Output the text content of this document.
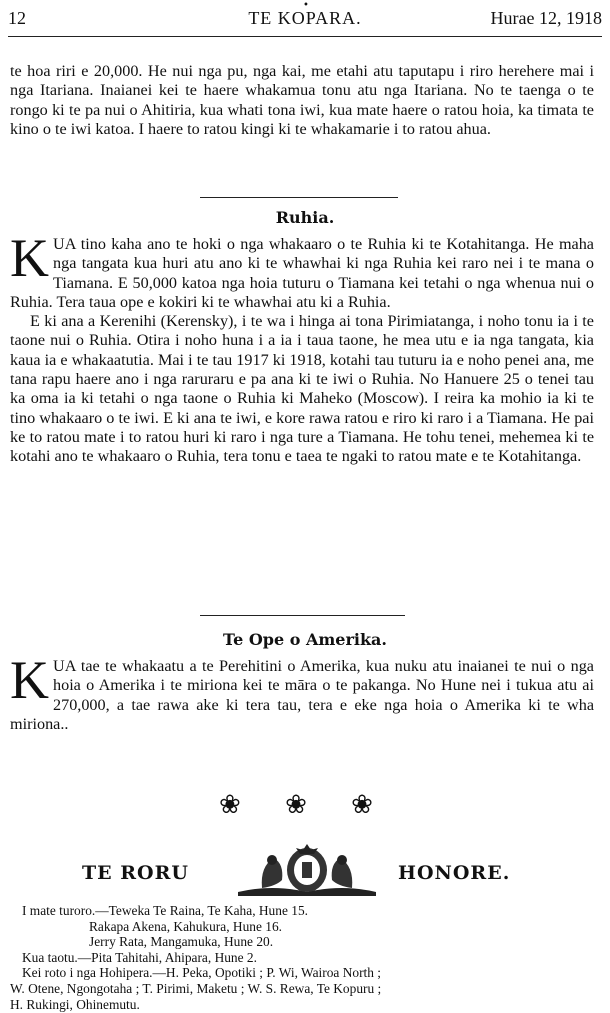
•
12	TE KOPARA.	Hurae 12, 1918

te hoa riri e 20,000. He nui nga pu, nga kai, me etahi atu taputapu i riro herehere mai i nga Itariana. Inaianei kei te haere whakamua tonu atu nga Itariana. No te taenga o te rongo ki te pa nui o Ahitiria, kua whati tona iwi, kua mate haere o ratou hoia, ka timata te kino o te iwi katoa. I haere to ratou kingi ki te whakamarie i to ratou ahua.

Ruhia.

KUA tino kaha ano te hoki o nga whakaaro o te Ruhia ki te Kotahitanga. He maha nga tangata kua huri atu ano ki te whawhai ki nga Ruhia kei raro nei i te mana o Tiamana. E 50,000 katoa nga hoia tuturu o Tiamana kei tetahi o nga whenua nui o Ruhia. Tera taua ope e kokiri ki te whawhai atu ki a Ruhia.

E ki ana a Kerenihi (Kerensky), i te wa i hinga ai tona Pirimiatanga, i noho tonu ia i te taone nui o Ruhia. Otira i noho huna i a ia i taua taone, he mea utu e ia nga tangata, kia kaua ia e whakaatutia. Mai i te tau 1917 ki 1918, kotahi tau tuturu ia e noho penei ana, me tana rapu haere ano i nga raruraru e pa ana ki te iwi o Ruhia. No Hanuere 25 o tenei tau ka oma ia ki tetahi o nga taone o Ruhia ki Maheko (Moscow). I reira ka mohio ia ki te tino whakaaro o te iwi. E ki ana te iwi, e kore rawa ratou e riro ki raro i a Tiamana. He pai ke to ratou mate i to ratou huri ki raro i nga ture a Tiamana. He tohu tenei, mehemea ki te kotahi ano te whakaaro o Ruhia, tera tonu e taea te ngaki to ratou mate e te Kotahitanga.

Te Ope o Amerika.

KUA tae te whakaatu a te Perehitini o Amerika, kua nuku atu inaianei te nui o nga hoia o Amerika i te miriona kei te māra o te pakanga. No Hune nei i tukua atu ai 270,000, a tae rawa ake ki tera tau, tera e eke nga hoia o Amerika ki te wha miriona..

❀ ❀ ❀
TE RORU	HONORE.
I mate turoro.—Teweka Te Raina, Te Kaha, Hune 15.
Rakapa Akena, Kahukura, Hune 16.
Jerry Rata, Mangamuka, Hune 20.
Kua taotu.—Pita Tahitahi, Ahipara, Hune 2.
Kei roto i nga Hohipera.—H. Peka, Opotiki ; P. Wi, Wairoa North ;
W. Otene, Ngongotaha ; T. Pirimi, Maketu ; W. S. Rewa, Te Kopuru ;
H. Rukingi, Ohinemutu.
